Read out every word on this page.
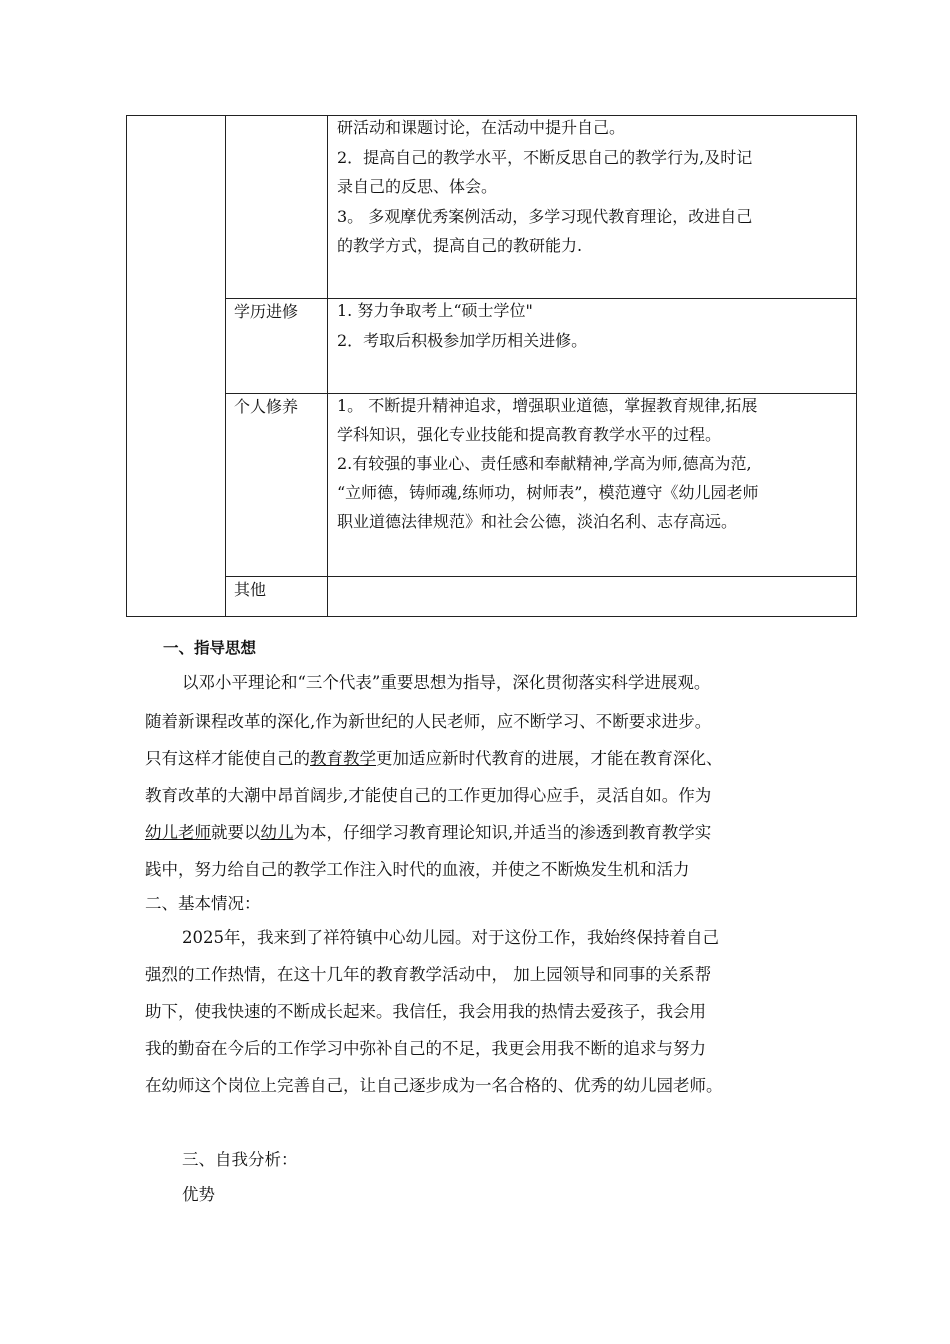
		研活动和课题讨论，在活动中提升自己。

2．提高自己的教学水平，不断反思自己的教学行为,及时记

录自己的反思、体会。

3。 多观摩优秀案例活动，多学习现代教育理论，改进自己

的教学方式，提高自己的教研能力.

	学历进修	1. 努力争取考上“硕士学位"

2．考取后积极参加学历相关进修。

	个人修养	1。 不断提升精神追求，增强职业道德，掌握教育规律,拓展

学科知识，强化专业技能和提高教育教学水平的过程。

2.有较强的事业心、责任感和奉献精神,学高为师,德高为范,

“立师德，铸师魂,练师功，树师表”，模范遵守《幼儿园老师

职业道德法律规范》和社会公德，淡泊名利、志存高远。

	其他	

一、指导思想
以邓小平理论和“三个代表”重要思想为指导，深化贯彻落实科学进展观。
随着新课程改革的深化,作为新世纪的人民老师，应不断学习、不断要求进步。
只有这样才能使自己的教育教学更加适应新时代教育的进展，才能在教育深化、
教育改革的大潮中昂首阔步,才能使自己的工作更加得心应手，灵活自如。作为
幼儿老师就要以幼儿为本，仔细学习教育理论知识,并适当的渗透到教育教学实
践中，努力给自己的教学工作注入时代的血液，并使之不断焕发生机和活力
二、基本情况：
2025年，我来到了祥符镇中心幼儿园。对于这份工作，我始终保持着自己
强烈的工作热情，在这十几年的教育教学活动中， 加上园领导和同事的关系帮
助下，使我快速的不断成长起来。我信任，我会用我的热情去爱孩子，我会用
我的勤奋在今后的工作学习中弥补自己的不足，我更会用我不断的追求与努力
在幼师这个岗位上完善自己，让自己逐步成为一名合格的、优秀的幼儿园老师。
三、自我分析：
优势
